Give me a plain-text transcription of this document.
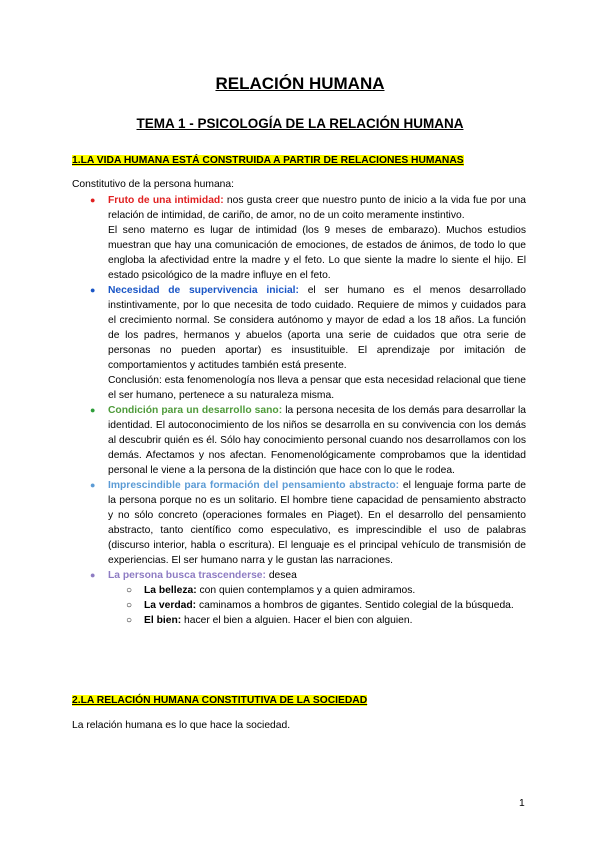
RELACIÓN HUMANA
TEMA 1 - PSICOLOGÍA DE LA RELACIÓN HUMANA
1.LA VIDA HUMANA ESTÁ CONSTRUIDA A PARTIR DE RELACIONES HUMANAS
Constitutivo de la persona humana:
● Fruto de una intimidad: nos gusta creer que nuestro punto de inicio a la vida fue por una relación de intimidad, de cariño, de amor, no de un coito meramente instintivo.

El seno materno es lugar de intimidad (los 9 meses de embarazo). Muchos estudios muestran que hay una comunicación de emociones, de estados de ánimos, de todo lo que engloba la afectividad entre la madre y el feto. Lo que siente la madre lo siente el hijo. El estado psicológico de la madre influye en el feto.

● Necesidad de supervivencia inicial: el ser humano es el menos desarrollado instintivamente, por lo que necesita de todo cuidado. Requiere de mimos y cuidados para el crecimiento normal. Se considera autónomo y mayor de edad a los 18 años. La función de los padres, hermanos y abuelos (aporta una serie de cuidados que otra serie de personas no pueden aportar) es insustituible. El aprendizaje por imitación de comportamientos y actitudes también está presente.

Conclusión: esta fenomenología nos lleva a pensar que esta necesidad relacional que tiene el ser humano, pertenece a su naturaleza misma.

● Condición para un desarrollo sano: la persona necesita de los demás para desarrollar la identidad. El autoconocimiento de los niños se desarrolla en su convivencia con los demás al descubrir quién es él. Sólo hay conocimiento personal cuando nos desarrollamos con los demás. Afectamos y nos afectan. Fenomenológicamente comprobamos que la identidad personal le viene a la persona de la distinción que hace con lo que le rodea.
● Imprescindible para formación del pensamiento abstracto: el lenguaje forma parte de la persona porque no es un solitario. El hombre tiene capacidad de pensamiento abstracto y no sólo concreto (operaciones formales en Piaget). En el desarrollo del pensamiento abstracto, tanto científico como especulativo, es imprescindible el uso de palabras (discurso interior, habla o escritura). El lenguaje es el principal vehículo de transmisión de experiencias. El ser humano narra y le gustan las narraciones.
● La persona busca trascenderse: desea
○ La belleza: con quien contemplamos y a quien admiramos.
○ La verdad: caminamos a hombros de gigantes. Sentido colegial de la búsqueda.
○ El bien: hacer el bien a alguien. Hacer el bien con alguien.
2.LA RELACIÓN HUMANA CONSTITUTIVA DE LA SOCIEDAD
La relación humana es lo que hace la sociedad.
1
